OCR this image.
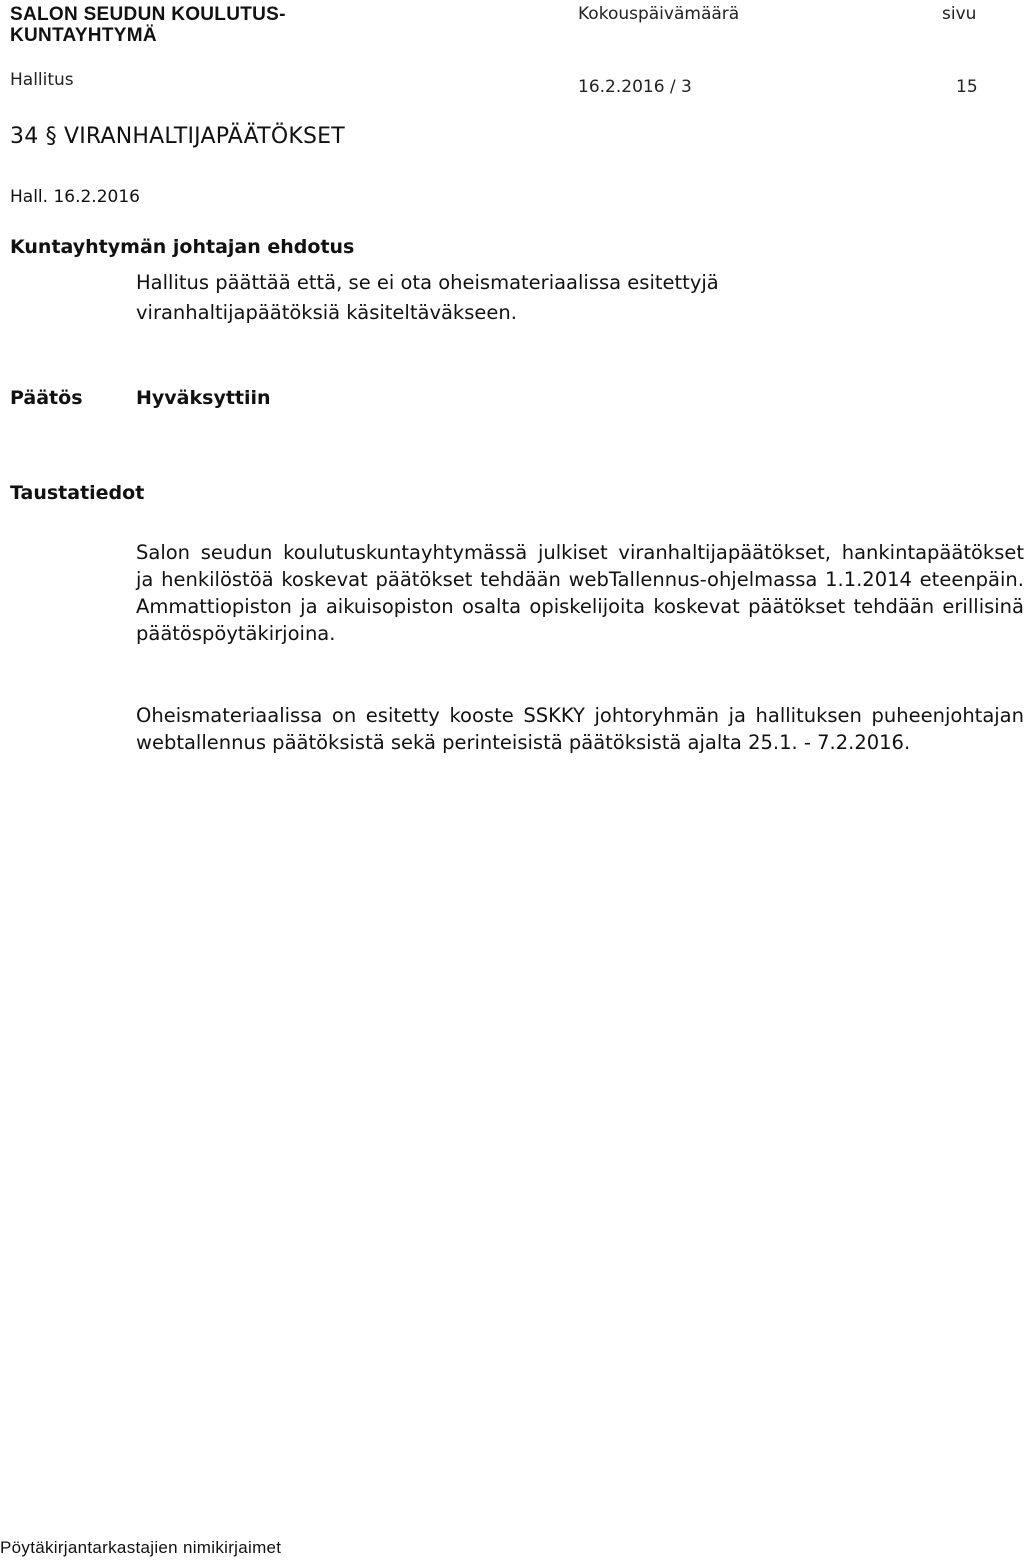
SALON SEUDUN KOULUTUS-
KUNTAYHTYMÄ
Kokouspäivämäärä	sivu
Hallitus	16.2.2016 / 3	15
34 § VIRANHALTIJAPÄÄTÖKSET
Hall. 16.2.2016
Kuntayhtymän johtajan ehdotus
Hallitus päättää että, se ei ota oheismateriaalissa esitettyjä
viranhaltijapäätöksiä käsiteltäväkseen.
Päätös	Hyväksyttiin
Taustatiedot

Salon seudun koulutuskuntayhtymässä julkiset viranhaltijapäätökset, hankintapäätökset ja henkilöstöä koskevat päätökset tehdään webTallennus-ohjelmassa 1.1.2014 eteenpäin. Ammattiopiston ja aikuisopiston osalta opiskelijoita koskevat päätökset tehdään erillisinä päätöspöytäkirjoina.

Oheismateriaalissa on esitetty kooste SSKKY johtoryhmän ja hallituksen puheenjohtajan webtallennus päätöksistä sekä perinteisistä päätöksistä ajalta 25.1. - 7.2.2016.

Pöytäkirjantarkastajien nimikirjaimet
